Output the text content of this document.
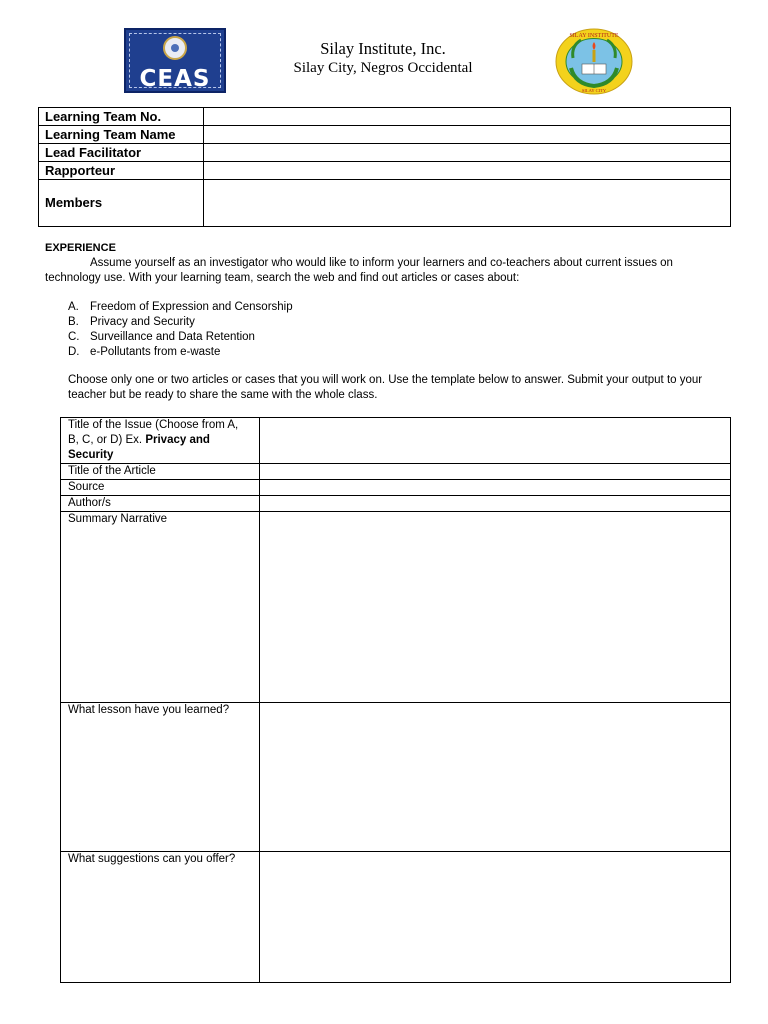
CEAS
Silay Institute, Inc.
Silay City, Negros Occidental
SILAY INSTITUTE
SILAY CITY
Learning Team No.	
Learning Team Name	
Lead Facilitator	
Rapporteur	
Members	
EXPERIENCE
Assume yourself as an investigator who would like to inform your learners and co-teachers about current issues on technology use. With your learning team, search the web and find out articles or cases about:
A. Freedom of Expression and Censorship
B. Privacy and Security
C. Surveillance and Data Retention
D. e-Pollutants from e-waste
Choose only one or two articles or cases that you will work on. Use the template below to answer. Submit your output to your teacher but be ready to share the same with the whole class.
Title of the Issue (Choose from A, B, C, or D) Ex. Privacy and Security	
Title of the Article	
Source	
Author/s	
Summary Narrative	
What lesson have you learned?	
What suggestions can you offer?	
